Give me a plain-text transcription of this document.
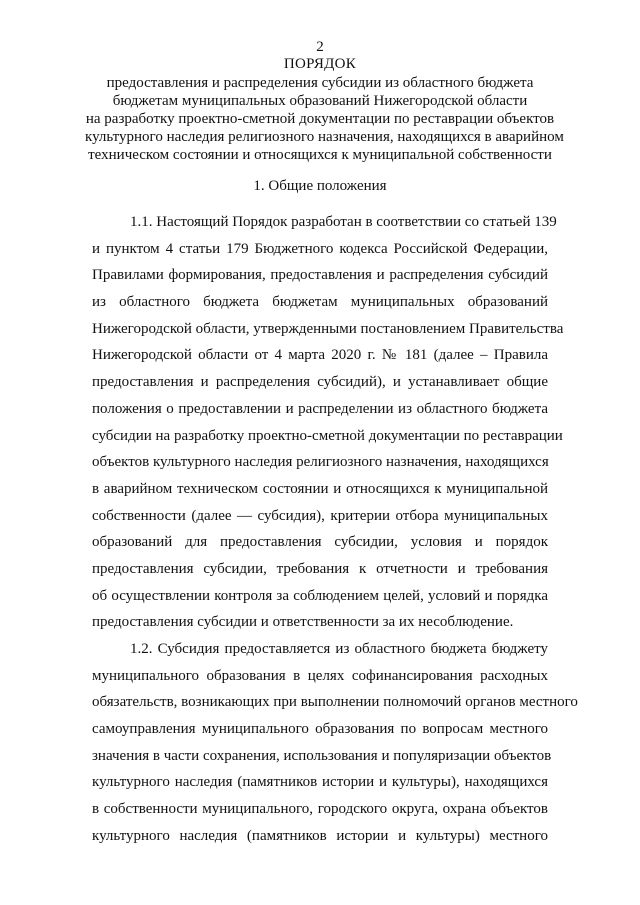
2
ПОРЯДОК
предоставления и распределения субсидии из областного бюджета
бюджетам муниципальных образований Нижегородской области
на разработку проектно-сметной документации по реставрации объектов
культурного наследия религиозного назначения, находящихся в аварийном
техническом состоянии и относящихся к муниципальной собственности
1. Общие положения
1.1. Настоящий Порядок разработан в соответствии со статьей 139
и пунктом 4 статьи 179 Бюджетного кодекса Российской Федерации,
Правилами формирования, предоставления и распределения субсидий
из областного бюджета бюджетам муниципальных образований
Нижегородской области, утвержденными постановлением Правительства
Нижегородской области от 4 марта 2020 г. № 181 (далее – Правила
предоставления и распределения субсидий), и устанавливает общие
положения о предоставлении и распределении из областного бюджета
субсидии на разработку проектно-сметной документации по реставрации
объектов культурного наследия религиозного назначения, находящихся
в аварийном техническом состоянии и относящихся к муниципальной
собственности (далее — субсидия), критерии отбора муниципальных
образований для предоставления субсидии, условия и порядок
предоставления субсидии, требования к отчетности и требования
об осуществлении контроля за соблюдением целей, условий и порядка
предоставления субсидии и ответственности за их несоблюдение.
1.2. Субсидия предоставляется из областного бюджета бюджету
муниципального образования в целях софинансирования расходных
обязательств, возникающих при выполнении полномочий органов местного
самоуправления муниципального образования по вопросам местного
значения в части сохранения, использования и популяризации объектов
культурного наследия (памятников истории и культуры), находящихся
в собственности муниципального, городского округа, охрана объектов
культурного наследия (памятников истории и культуры) местного
